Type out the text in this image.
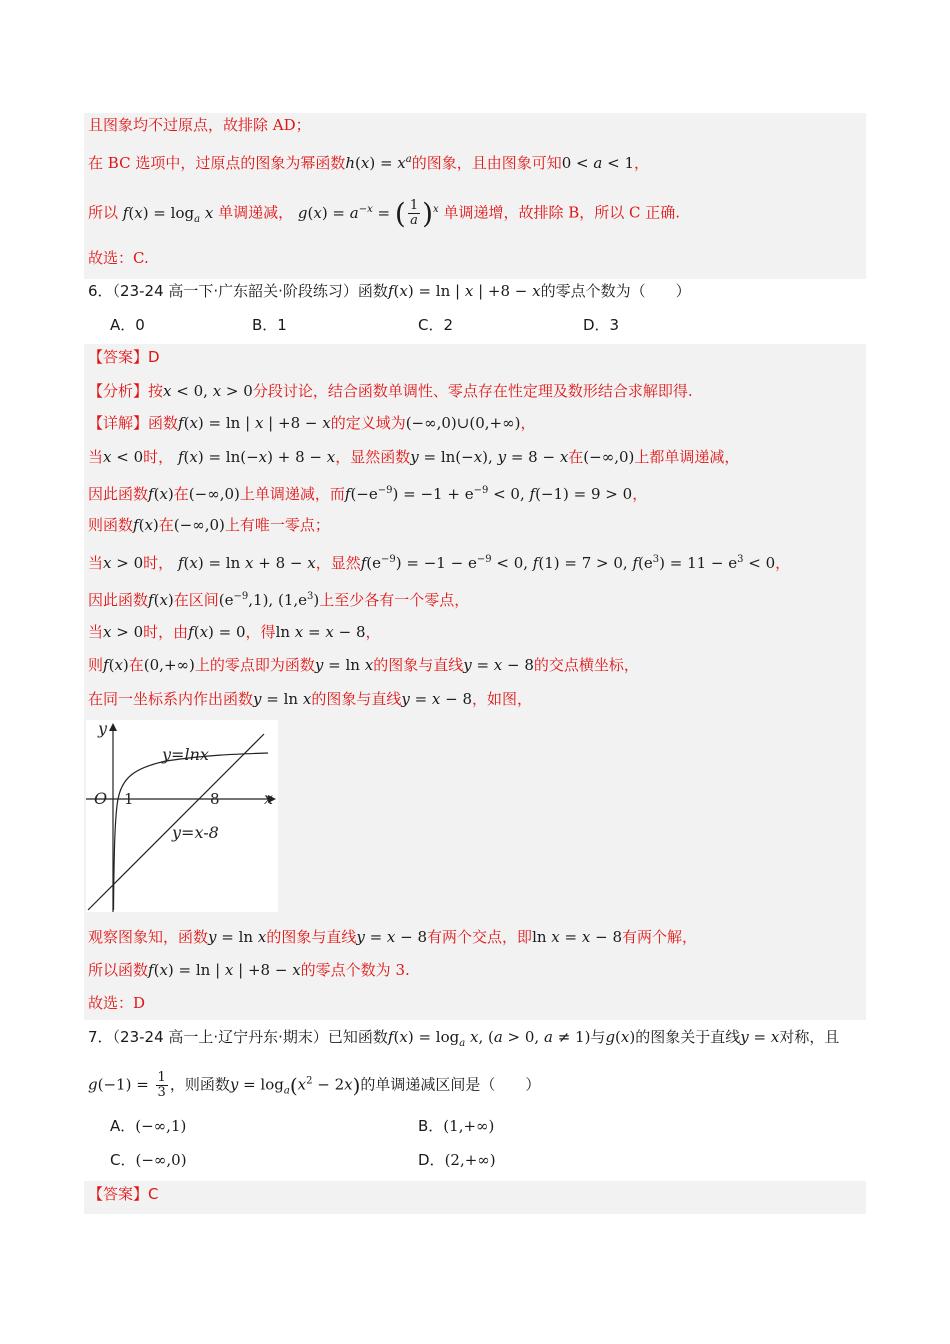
且图象均不过原点，故排除 AD；
在 BC 选项中，过原点的图象为幂函数$h(x) = x^a$的图象，且由图象可知0 < a < 1，
所以 $f(x) = \log_a x$ 单调递减， $g(x) = a^{-x}$ = ( $\frac{1}{a} )^x$ 单调递增，故排除 B，所以 C 正确.
故选：C.
6．（23-24 高一下·广东韶关·阶段练习）函数f(x) = ln | x | +8 − x的零点个数为（　　）
A．0	B．1	C．2	D．3
【答案】D
【分析】按x < 0, x > 0分段讨论，结合函数单调性、零点存在性定理及数形结合求解即得.
【详解】函数f(x) = ln | x | +8 − x的定义域为(−∞,0)∪(0,+∞)，
当x < 0时， f(x) = ln(−x) + 8 − x，显然函数y = ln(−x), y = 8 − x在(−∞,0)上都单调递减，
因此函数f(x)在(−∞,0)上单调递减，而$f(-e^{-9}) = -1 + e^{-9} < 0$, f(−1) = 9 > 0，
则函数f(x)在(−∞,0)上有唯一零点；
当x > 0时， f(x) = ln x + 8 − x，显然$f(e^{-9}) = -1 - e^{-9} < 0$, f(1) = 7 > 0, $f(e^3) = 11 - e^3 < 0$，
因此函数f(x)在区间$(e^{-9},1)$, $(1,e^3)$上至少各有一个零点，
当x > 0时，由f(x) = 0，得ln x = x − 8，
则f(x)在(0,+∞)上的零点即为函数y = ln x的图象与直线y = x − 8的交点横坐标，
在同一坐标系内作出函数y = ln x的图象与直线y = x − 8，如图，
观察图象知，函数y = ln x的图象与直线y = x − 8有两个交点，即ln x = x − 8有两个解，
所以函数f(x) = ln | x | +8 − x的零点个数为 3.
故选：D
y=lnx
y=x-8
O 1	8	x
y
7．（23-24 高一上·辽宁丹东·期末）已知函数$f(x) = \log_a x$, (a > 0, a ≠ 1)与g(x)的图象关于直线y = x对称，且
$g(-1) = \frac{1}{3}$ ，则函数$y = \log_a(x^2 - 2x)$的单调递减区间是（　　）
A．(−∞,1)	B．(1,+∞)
C．(−∞,0)	D．(2,+∞)
【答案】C
